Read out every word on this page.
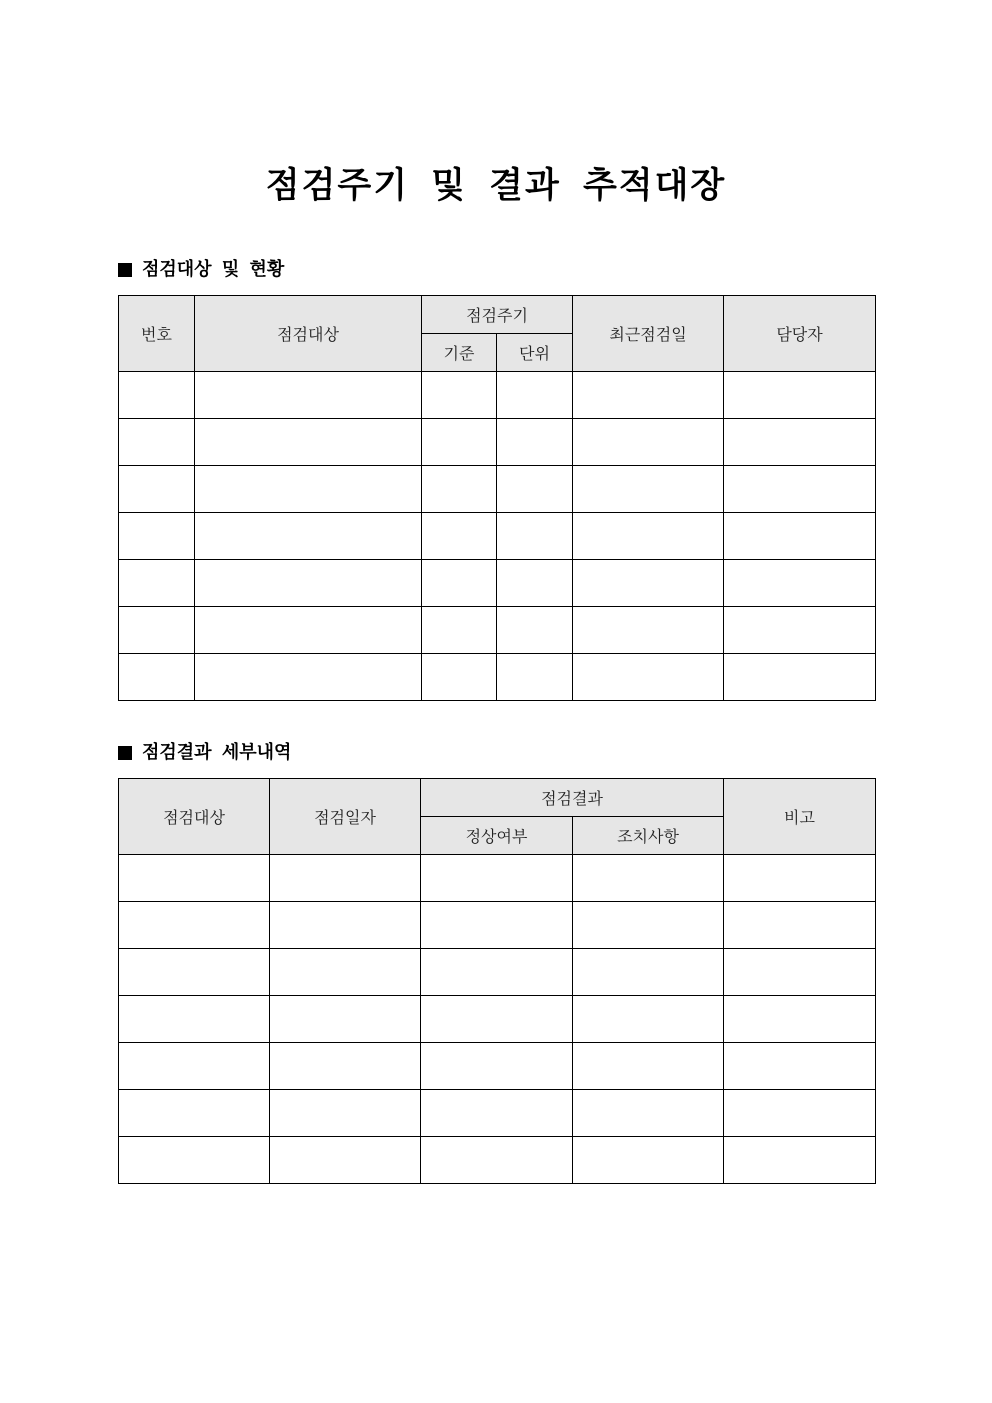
점검주기 및 결과 추적대장
점검대상 및 현황
번호	점검대상	점검주기		최근점검일	담당자
		기준	단위		

점검결과 세부내역
점검대상	점검일자	점검결과		비고
		정상여부	조치사항	
